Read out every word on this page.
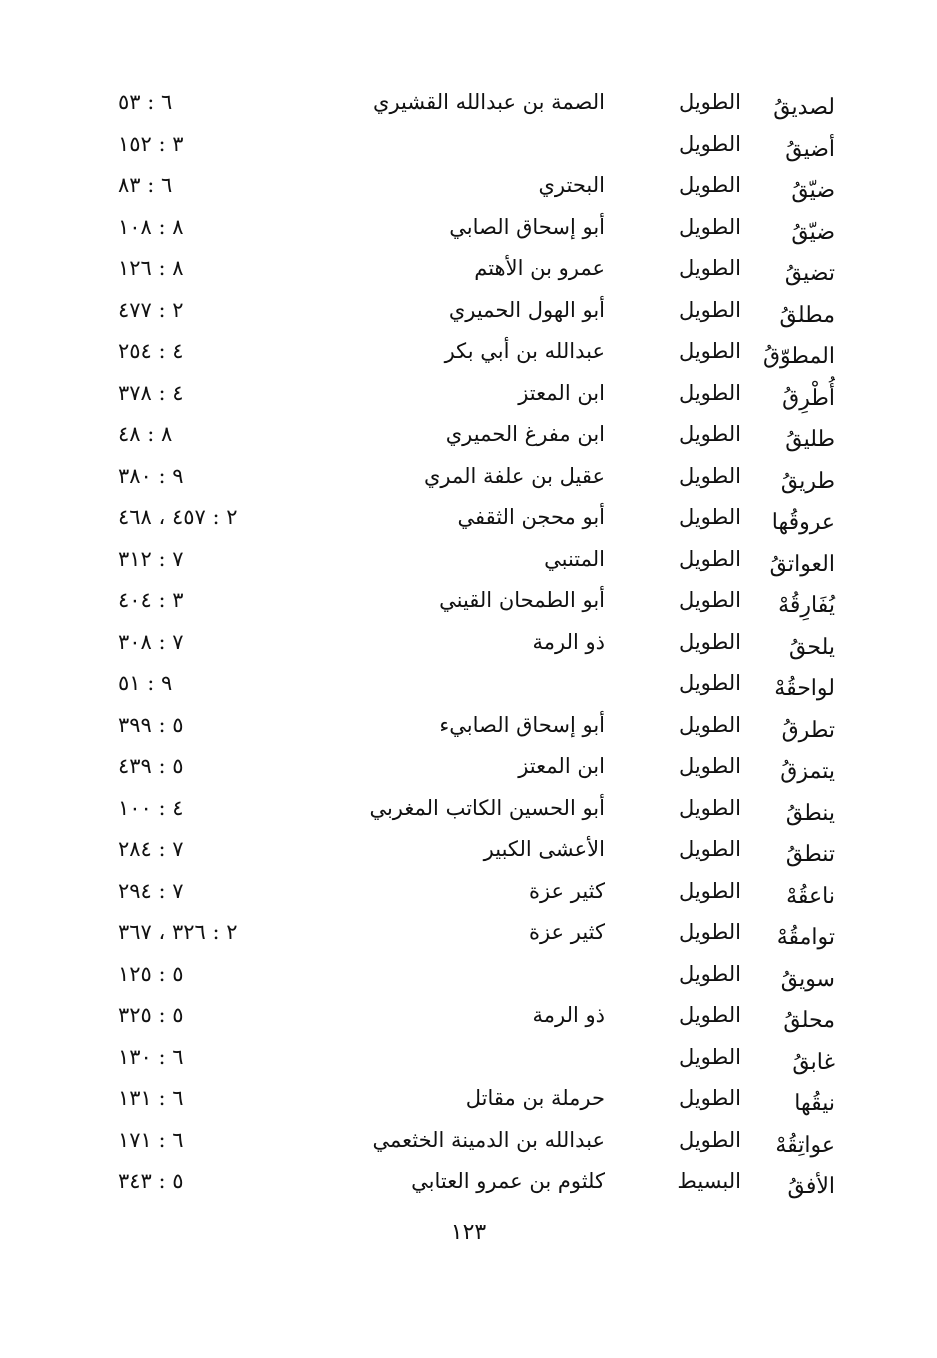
لصديقُ
الطويل
الصمة بن عبدالله القشيري
٦ : ٥٣
أضيقُ
الطويل
٣ : ١٥٢
ضيّقُ
الطويل
البحتري
٦ : ٨٣
ضيّقُ
الطويل
أبو إسحاق الصابي
٨ : ١٠٨
تضيقُ
الطويل
عمرو بن الأهتم
٨ : ١٢٦
مطلقُ
الطويل
أبو الهول الحميري
٢ : ٤٧٧
المطوّقُ
الطويل
عبدالله بن أبي بكر
٤ : ٢٥٤
أُطْرِقُ
الطويل
ابن المعتز
٤ : ٣٧٨
طليقُ
الطويل
ابن مفرغ الحميري
٨ : ٤٨
طريقُ
الطويل
عقيل بن علفة المري
٩ : ٣٨٠
عروقُها
الطويل
أبو محجن الثقفي
٢ : ٤٥٧ ، ٤٦٨
العواتقُ
الطويل
المتنبي
٧ : ٣١٢
يُفَارِقُهْ
الطويل
أبو الطمحان القيني
٣ : ٤٠٤
يلحقُ
الطويل
ذو الرمة
٧ : ٣٠٨
لواحقُهْ
الطويل
٩ : ٥١
تطرقُ
الطويل
أبو إسحاق الصابيء
٥ : ٣٩٩
يتمزقُ
الطويل
ابن المعتز
٥ : ٤٣٩
ينطقُ
الطويل
أبو الحسين الكاتب المغربي
٤ : ١٠٠
تنطقُ
الطويل
الأعشى الكبير
٧ : ٢٨٤
ناعقُهْ
الطويل
كثير عزة
٧ : ٢٩٤
توامقُهْ
الطويل
كثير عزة
٢ : ٣٢٦ ، ٣٦٧
سويقُ
الطويل
٥ : ١٢٥
محلقُ
الطويل
ذو الرمة
٥ : ٣٢٥
غابقُ
الطويل
٦ : ١٣٠
نيقُها
الطويل
حرملة بن مقاتل
٦ : ١٣١
عواتِقُهْ
الطويل
عبدالله بن الدمينة الخثعمي
٦ : ١٧١
الأفقُ
البسيط
كلثوم بن عمرو العتابي
٥ : ٣٤٣
١٢٣
